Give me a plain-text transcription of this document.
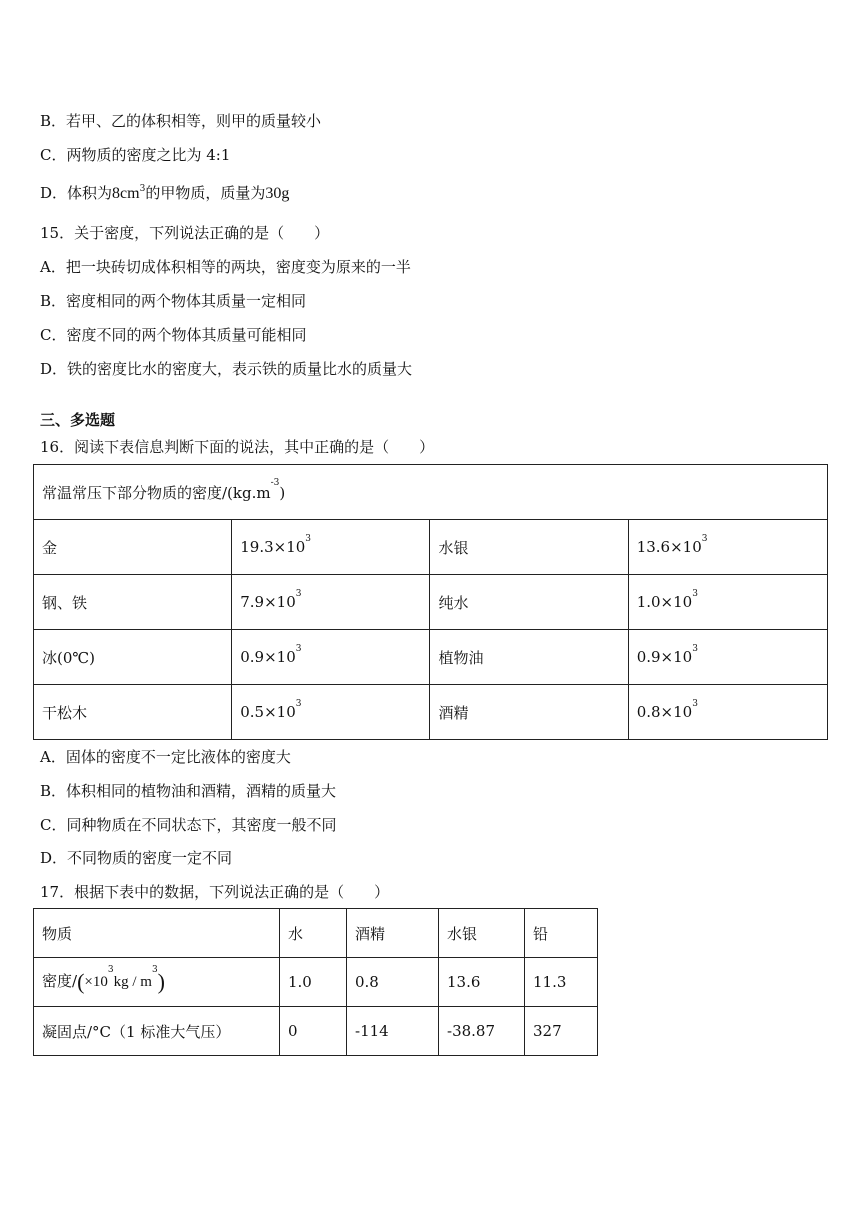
B．若甲、乙的体积相等，则甲的质量较小
C．两物质的密度之比为 4:1
D．体积为$8cm^3$的甲物质，质量为30g
15．关于密度，下列说法正确的是（　　）
A．把一块砖切成体积相等的两块，密度变为原来的一半
B．密度相同的两个物体其质量一定相同
C．密度不同的两个物体其质量可能相同
D．铁的密度比水的密度大，表示铁的质量比水的质量大
三、多选题
16．阅读下表信息判断下面的说法，其中正确的是（　　）
常温常压下部分物质的密度$/(kg.m^{-3})$			
金	$19.3\times 10^3$	水银	$13.6\times 10^3$
钢、铁	$7.9\times 10^3$	纯水	$1.0\times 10^3$
冰(0℃)	$0.9\times 10^3$	植物油	$0.9\times 10^3$
干松木	$0.5\times 10^3$	酒精	$0.8\times 10^3$
A．固体的密度不一定比液体的密度大
B．体积相同的植物油和酒精，酒精的质量大
C．同种物质在不同状态下，其密度一般不同
D．不同物质的密度一定不同
17．根据下表中的数据，下列说法正确的是（　　）
物质	水	酒精	水银	铅
密度$/(\times 10^3kg / m^3)$	1.0	0.8	13.6	11.3
凝固点/°C（1 标准大气压）	0	-114	-38.87	327
